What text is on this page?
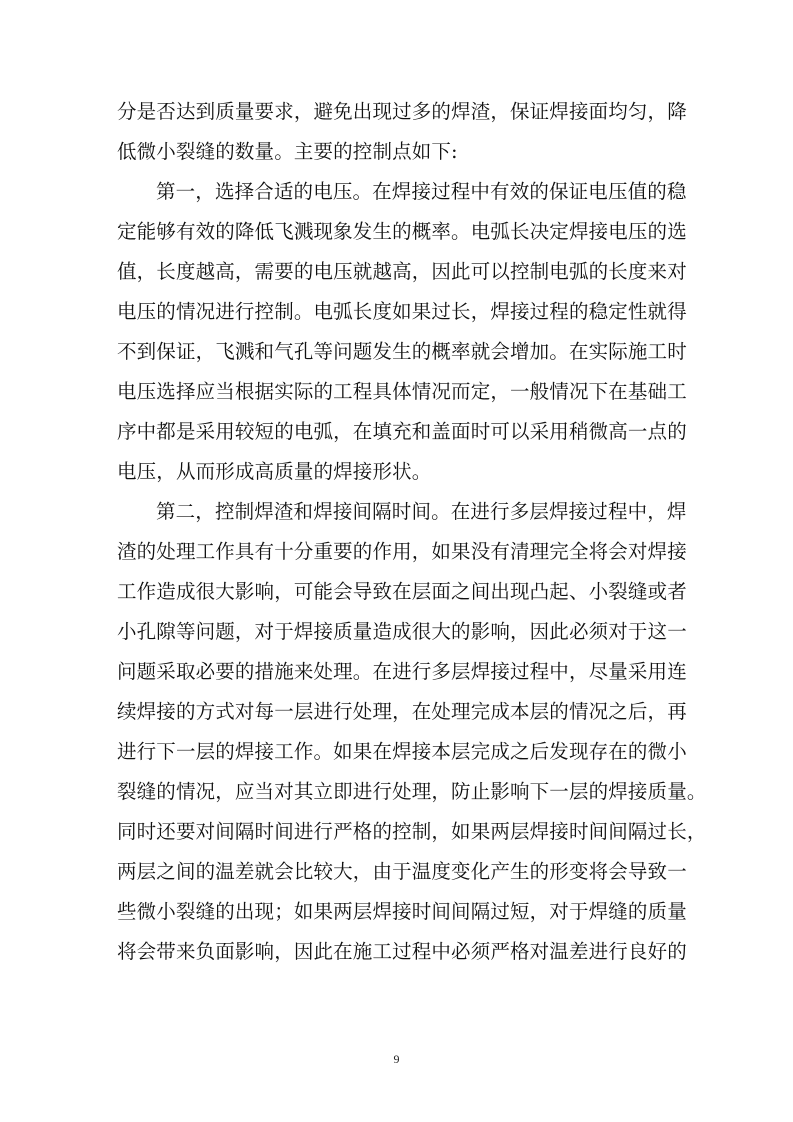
分是否达到质量要求，避免出现过多的焊渣，保证焊接面均匀，降
低微小裂缝的数量。主要的控制点如下:
第一，选择合适的电压。在焊接过程中有效的保证电压值的稳
定能够有效的降低飞溅现象发生的概率。电弧长决定焊接电压的选
值，长度越高，需要的电压就越高，因此可以控制电弧的长度来对
电压的情况进行控制。电弧长度如果过长，焊接过程的稳定性就得
不到保证，飞溅和气孔等问题发生的概率就会增加。在实际施工时
电压选择应当根据实际的工程具体情况而定，一般情况下在基础工
序中都是采用较短的电弧，在填充和盖面时可以采用稍微高一点的
电压，从而形成高质量的焊接形状。
第二，控制焊渣和焊接间隔时间。在进行多层焊接过程中，焊
渣的处理工作具有十分重要的作用，如果没有清理完全将会对焊接
工作造成很大影响，可能会导致在层面之间出现凸起、小裂缝或者
小孔隙等问题，对于焊接质量造成很大的影响，因此必须对于这一
问题采取必要的措施来处理。在进行多层焊接过程中，尽量采用连
续焊接的方式对每一层进行处理，在处理完成本层的情况之后，再
进行下一层的焊接工作。如果在焊接本层完成之后发现存在的微小
裂缝的情况，应当对其立即进行处理，防止影响下一层的焊接质量。
同时还要对间隔时间进行严格的控制，如果两层焊接时间间隔过长，
两层之间的温差就会比较大，由于温度变化产生的形变将会导致一
些微小裂缝的出现；如果两层焊接时间间隔过短，对于焊缝的质量
将会带来负面影响，因此在施工过程中必须严格对温差进行良好的
9
